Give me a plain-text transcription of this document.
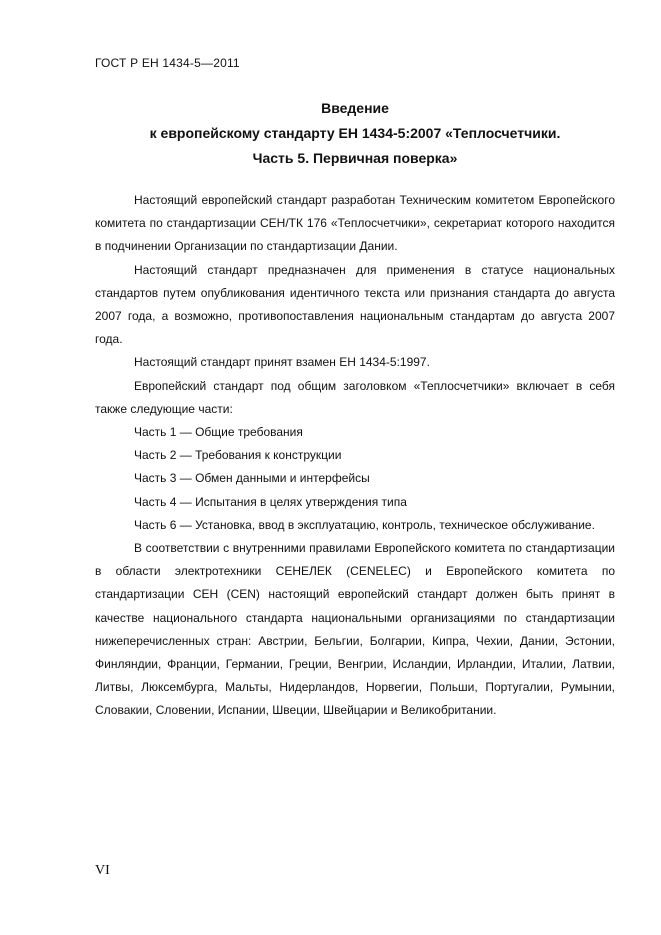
ГОСТ Р ЕН 1434-5—2011
Введение
к европейскому стандарту ЕН 1434-5:2007 «Теплосчетчики.
Часть 5. Первичная поверка»

Настоящий европейский стандарт разработан Техническим комитетом Европейского комитета по стандартизации СЕН/ТК 176 «Теплосчетчики», секретариат которого находится в подчинении Организации по стандартизации Дании.

Настоящий стандарт предназначен для применения в статусе национальных стандартов путем опубликования идентичного текста или признания стандарта до августа 2007 года, а возможно, противопоставления национальным стандартам до августа 2007 года.

Настоящий стандарт принят взамен ЕН 1434-5:1997.

Европейский стандарт под общим заголовком «Теплосчетчики» включает в себя также следующие части:

Часть 1 — Общие требования

Часть 2 — Требования к конструкции

Часть 3 — Обмен данными и интерфейсы

Часть 4 — Испытания в целях утверждения типа

Часть 6 — Установка, ввод в эксплуатацию, контроль, техническое обслуживание.

В соответствии с внутренними правилами Европейского комитета по стандартизации в области электротехники СЕНЕЛЕК (CENELEC) и Европейского комитета по стандартизации СЕН (CEN) настоящий европейский стандарт должен быть принят в качестве национального стандарта национальными организациями по стандартизации нижеперечисленных стран: Австрии, Бельгии, Болгарии, Кипра, Чехии, Дании, Эстонии, Финляндии, Франции, Германии, Греции, Венгрии, Исландии, Ирландии, Италии, Латвии, Литвы, Люксембурга, Мальты, Нидерландов, Норвегии, Польши, Португалии, Румынии, Словакии, Словении, Испании, Швеции, Швейцарии и Великобритании.

VI
